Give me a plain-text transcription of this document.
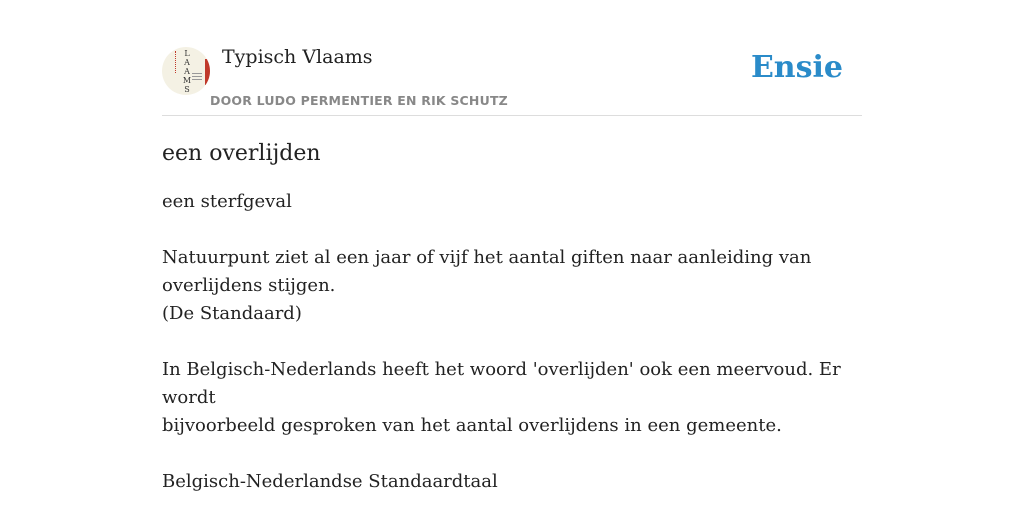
L
A
A
M
S
Typisch Vlaams
DOOR LUDO PERMENTIER EN RIK SCHUTZ
Ensie
een overlijden

een sterfgeval

Natuurpunt ziet al een jaar of vijf het aantal giften naar aanleiding van
overlijdens stijgen.
(De Standaard)

In Belgisch-Nederlands heeft het woord 'overlijden' ook een meervoud. Er wordt
bijvoorbeeld gesproken van het aantal overlijdens in een gemeente.

Belgisch-Nederlandse Standaardtaal
